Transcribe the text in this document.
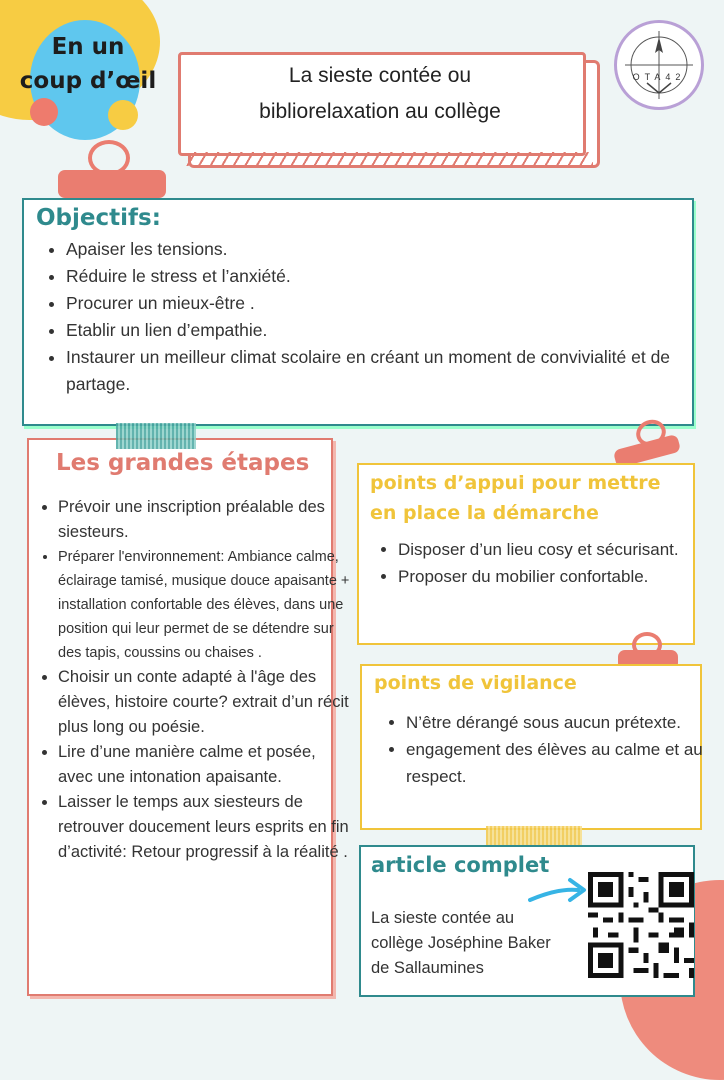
En un
coup d’œil	La sieste contée ou
bibliorelaxation au collège
OTA42
Objectifs:
• Apaiser les tensions.
• Réduire le stress et l’anxiété.
• Procurer un mieux-être .
• Etablir un lien d’empathie.
• Instaurer un meilleur climat scolaire en créant un moment de convivialité et de partage.
Les grandes étapes
• Prévoir une inscription préalable des siesteurs.
• Préparer l'environnement: Ambiance calme, éclairage tamisé, musique douce apaisante + installation confortable des élèves, dans une position qui leur permet de se détendre sur des tapis, coussins ou chaises .
• Choisir un conte adapté à l'âge des élèves, histoire courte? extrait d’un récit plus long ou poésie.
• Lire d’une manière calme et posée, avec une intonation apaisante.
• Laisser le temps aux siesteurs de retrouver doucement leurs esprits en fin d’activité: Retour progressif à la réalité .
points d’appui pour mettre en place la démarche
• Disposer d’un lieu cosy et sécurisant.
• Proposer du mobilier confortable.
points de vigilance
• N’être dérangé sous aucun prétexte.
• engagement des élèves au calme et au respect.
article complet
La sieste contée au collège Joséphine Baker de Sallaumines
